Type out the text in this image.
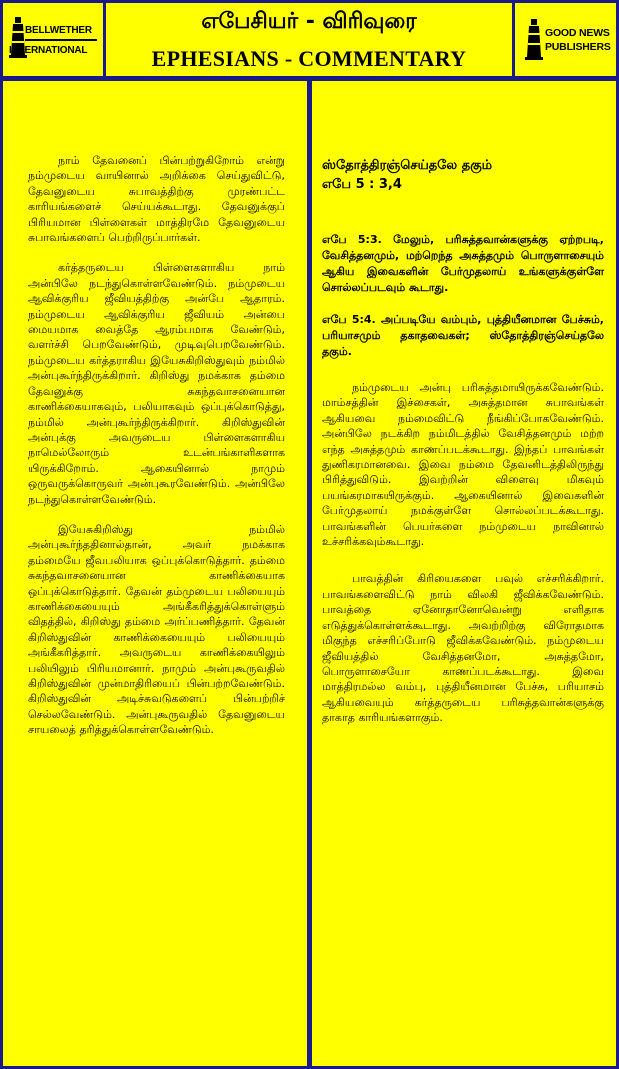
BELLWETHER
INTERNATIONAL
எபேசியர் - விரிவுரை
EPHESIANS - COMMENTARY
GOOD NEWS
PUBLISHERS

நாம் தேவனைப் பின்பற்றுகிறோம் என்று நம்முடைய வாயினால் அறிக்கை செய்துவிட்டு, தேவனுடைய சுபாவத்திற்கு முரண்பட்ட காரியங்களைச் செய்யக்கூடாது. தேவனுக்குப் பிரியமான பிள்ளைகள் மாத்திரமே தேவனுடைய சுபாவங்களைப் பெற்றிருப்பார்கள்.

கர்த்தருடைய பிள்ளைகளாகிய நாம் அன்பிலே நடந்துகொள்ளவேண்டும். நம்முடைய ஆவிக்குரிய ஜீவியத்திற்கு அன்பே ஆதாரம். நம்முடைய ஆவிக்குரிய ஜீவியம் அன்பை மையமாக வைத்தே ஆரம்பமாக வேண்டும், வளர்ச்சி பெறவேண்டும், முடிவுபெறவேண்டும். நம்முடைய கர்த்தராகிய இயேசுகிறிஸ்துவும் நம்மில் அன்புகூர்ந்திருக்கிறார். கிறிஸ்து நமக்காக தம்மை தேவனுக்கு சுகந்தவாசனையான காணிக்கையாகவும், பலியாகவும் ஒப்புக்கொடுத்து, நம்மில் அன்புகூர்ந்திருக்கிறார். கிறிஸ்துவின் அன்புக்கு அவருடைய பிள்ளைகளாகிய நாமெல்லோரும் உடன்பங்காளிகளாக யிருக்கிறோம். ஆகையினால் நாமும் ஒருவருக்கொருவர் அன்புகூரவேண்டும். அன்பிலே நடந்துகொள்ளவேண்டும்.

இயேசுகிறிஸ்து நம்மில் அன்புகூர்ந்ததினால்தான், அவர் நமக்காக தம்மையே ஜீவபலியாக ஒப்புக்கொடுத்தார். தம்மை சுகந்தவாசனையான காணிக்கையாக ஒப்புக்கொடுத்தார். தேவன் தம்முடைய பலியையும் காணிக்கையையும் அங்கீகரித்துக்கொள்ளும் விதத்தில், கிறிஸ்து தம்மை அர்ப்பணித்தார். தேவன் கிறிஸ்துவின் காணிக்கையையும் பலியையும் அங்கீகரித்தார். அவருடைய காணிக்கையிலும் பலியிலும் பிரியமானார். நாமும் அன்புகூருவதில் கிறிஸ்துவின் முன்மாதிரியைப் பின்பற்றவேண்டும். கிறிஸ்துவின் அடிச்சுவடுகளைப் பின்பற்றிச் செல்லவேண்டும். அன்புகூருவதில் தேவனுடைய சாயலைத் தரித்துக்கொள்ளவேண்டும்.

ஸ்தோத்திரஞ்செய்தலே தகும்
எபே 5 : 3,4

எபே 5:3. மேலும், பரிசுத்தவான்களுக்கு ஏற்றபடி, வேசித்தனமும், மற்றெந்த அசுத்தமும் பொருளாசையும் ஆகிய இவைகளின் பேர்முதலாய் உங்களுக்குள்ளே சொல்லப்படவும் கூடாது.

எபே 5:4. அப்படியே வம்பும், புத்தியீனமான பேச்சும், பரியாசமும் தகாதவைகள்; ஸ்தோத்திரஞ்செய்தலே தகும்.

நம்முடைய அன்பு பரிசுத்தமாயிருக்கவேண்டும். மாம்சத்தின் இச்சைகள், அசுத்தமான சுபாவங்கள் ஆகியவை நம்மைவிட்டு நீங்கிப்போகவேண்டும். அன்பிலே நடக்கிற நம்மிடத்தில் வேசித்தனமும் மற்ற எந்த அசுத்தமும் காணப்படக்கூடாது. இந்தப் பாவங்கள் துணிகரமானவை. இவை நம்மை தேவனிடத்திலிருந்து பிரித்துவிடும். இவற்றின் விளைவு மிகவும் பயங்கரமாகயிருக்கும். ஆகையினால் இவைகளின் பேர்முதலாய் நமக்குள்ளே சொல்லப்படக்கூடாது. பாவங்களின் பெயர்களை நம்முடைய நாவினால் உச்சரிக்கவும்கூடாது.

பாவத்தின் கிரியைகளை பவுல் எச்சரிக்கிறார். பாவங்களைவிட்டு நாம் விலகி ஜீவிக்கவேண்டும். பாவத்தை ஏனோதானோவென்று எளிதாக எடுத்துக்கொள்ளக்கூடாது. அவற்றிற்கு விரோதமாக மிகுந்த எச்சரிப்போடு ஜீவிக்கவேண்டும். நம்முடைய ஜீவியத்தில் வேசித்தனமோ, அசுத்தமோ, பொருளாசையோ காணப்படக்கூடாது. இவை மாத்திரமல்ல வம்பு, புத்தியீனமான பேச்சு, பரியாசம் ஆகியவையும் கர்த்தருடைய பரிசுத்தவான்களுக்கு தாகாத காரியங்களாகும்.
